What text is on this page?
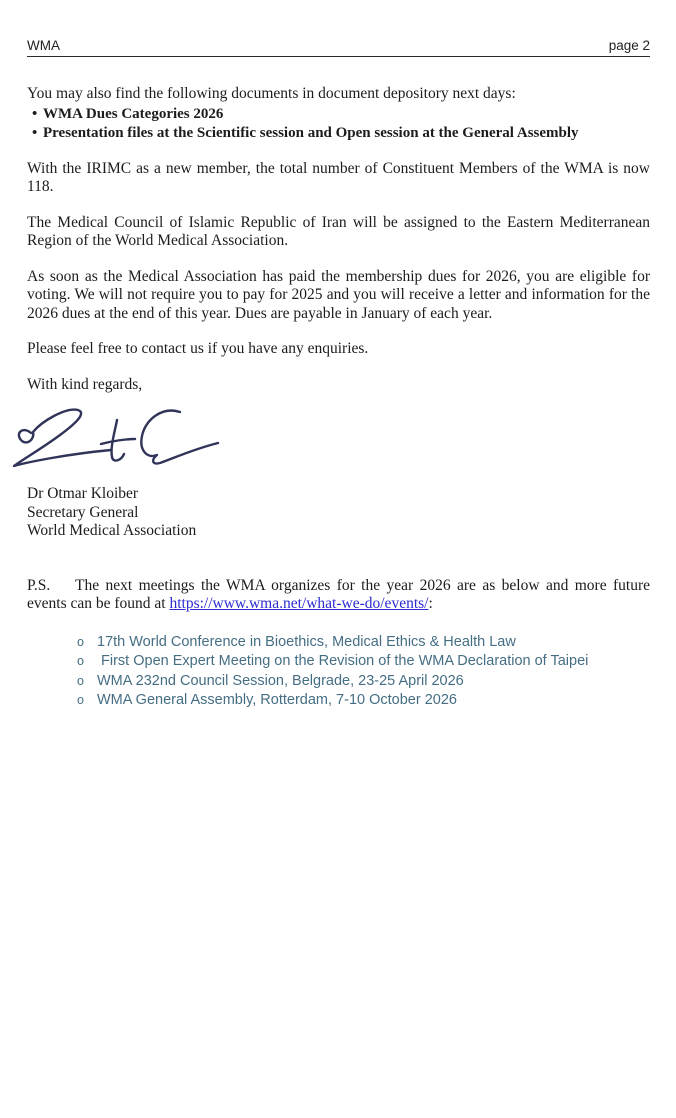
WMA	page 2

You may also find the following documents in document depository next days:

• WMA Dues Categories 2026
• Presentation files at the Scientific session and Open session at the General Assembly

With the IRIMC as a new member, the total number of Constituent Members of the WMA is now 118.

The Medical Council of Islamic Republic of Iran will be assigned to the Eastern Mediterranean Region of the World Medical Association.

As soon as the Medical Association has paid the membership dues for 2026, you are eligible for voting. We will not require you to pay for 2025 and you will receive a letter and information for the 2026 dues at the end of this year. Dues are payable in January of each year.

Please feel free to contact us if you have any enquiries.

With kind regards,

Dr Otmar Kloiber
Secretary General
World Medical Association

P.S. The next meetings the WMA organizes for the year 2026 are as below and more future events can be found at https://www.wma.net/what-we-do/events/:

o 17th World Conference in Bioethics, Medical Ethics & Health Law
o First Open Expert Meeting on the Revision of the WMA Declaration of Taipei
o WMA 232nd Council Session, Belgrade, 23-25 April 2026
o WMA General Assembly, Rotterdam, 7-10 October 2026
